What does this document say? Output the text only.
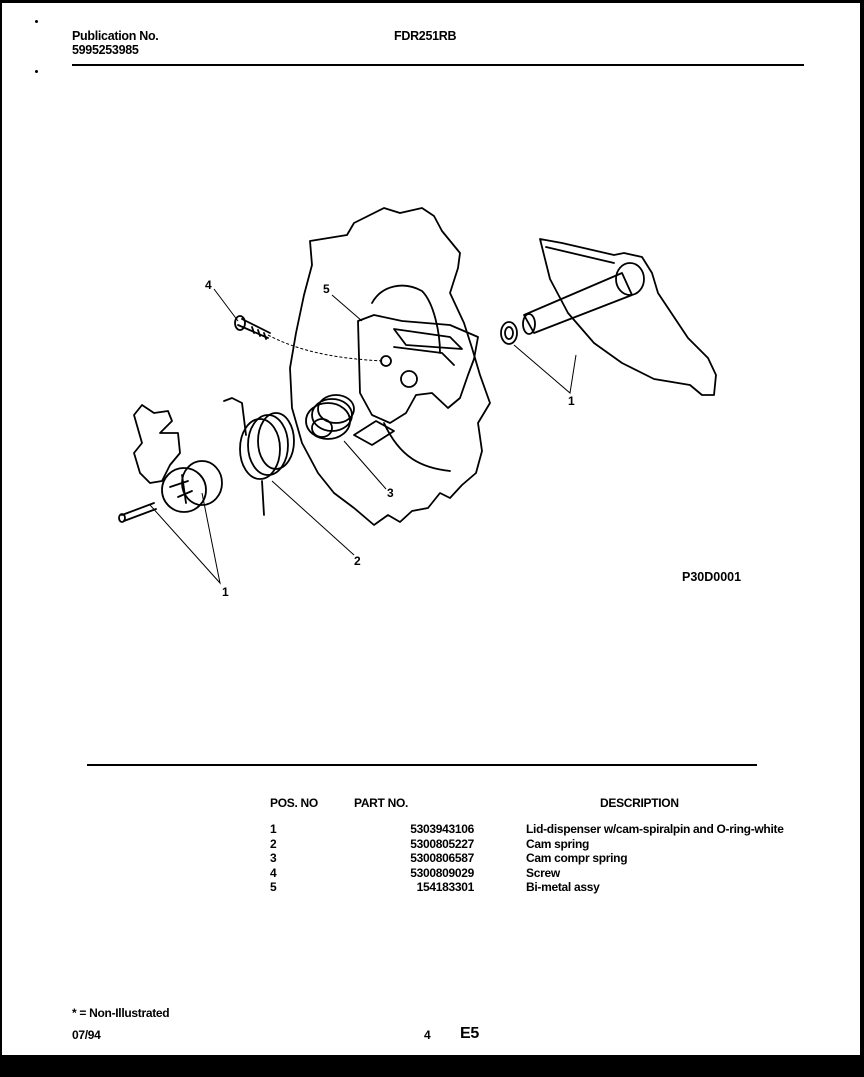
Publication No.
5995253985
FDR251RB
4	5
1
3
2
1
P30D0001
POS. NO	PART NO.	DESCRIPTION
1	5303943106	Lid-dispenser w/cam-spiralpin and O-ring-white
2	5300805227	Cam spring
3	5300806587	Cam compr spring
4	5300809029	Screw
5	154183301	Bi-metal assy
* = Non-Illustrated
07/94	4 E5
